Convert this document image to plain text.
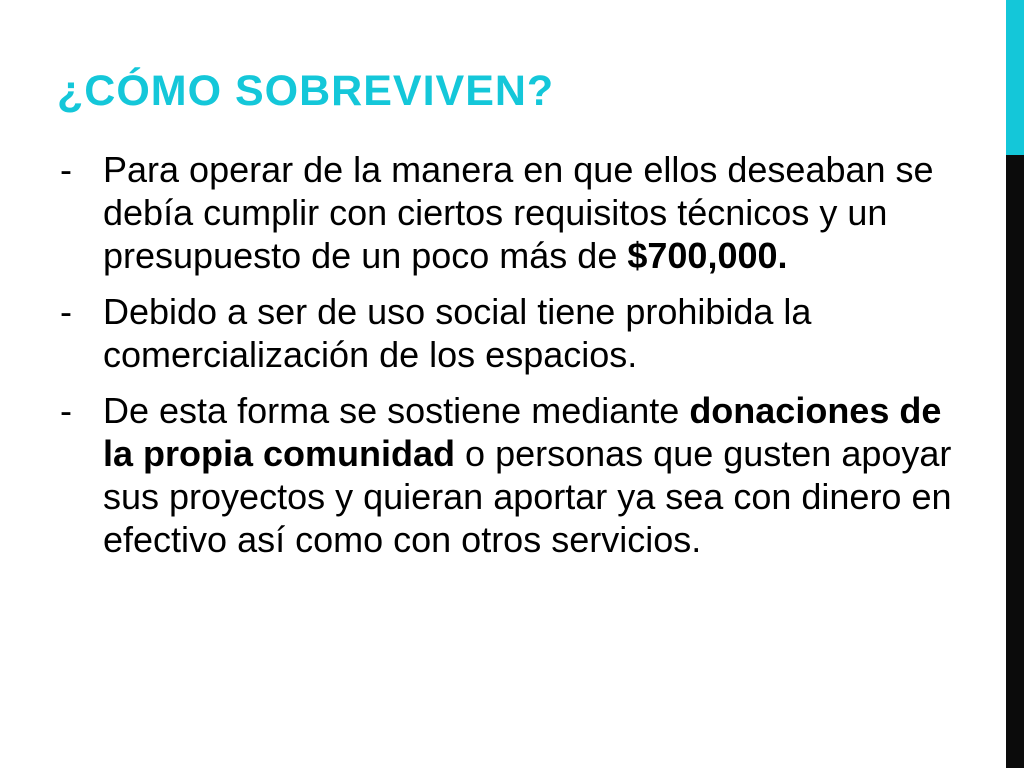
¿CÓMO SOBREVIVEN?
- Para operar de la manera en que ellos deseaban se debía cumplir con ciertos requisitos técnicos y un presupuesto de un poco más de $700,000.
- Debido a ser de uso social tiene prohibida la comercialización de los espacios.
- De esta forma se sostiene mediante donaciones de la propia comunidad o personas que gusten apoyar sus proyectos y quieran aportar ya sea con dinero en efectivo así como con otros servicios.
